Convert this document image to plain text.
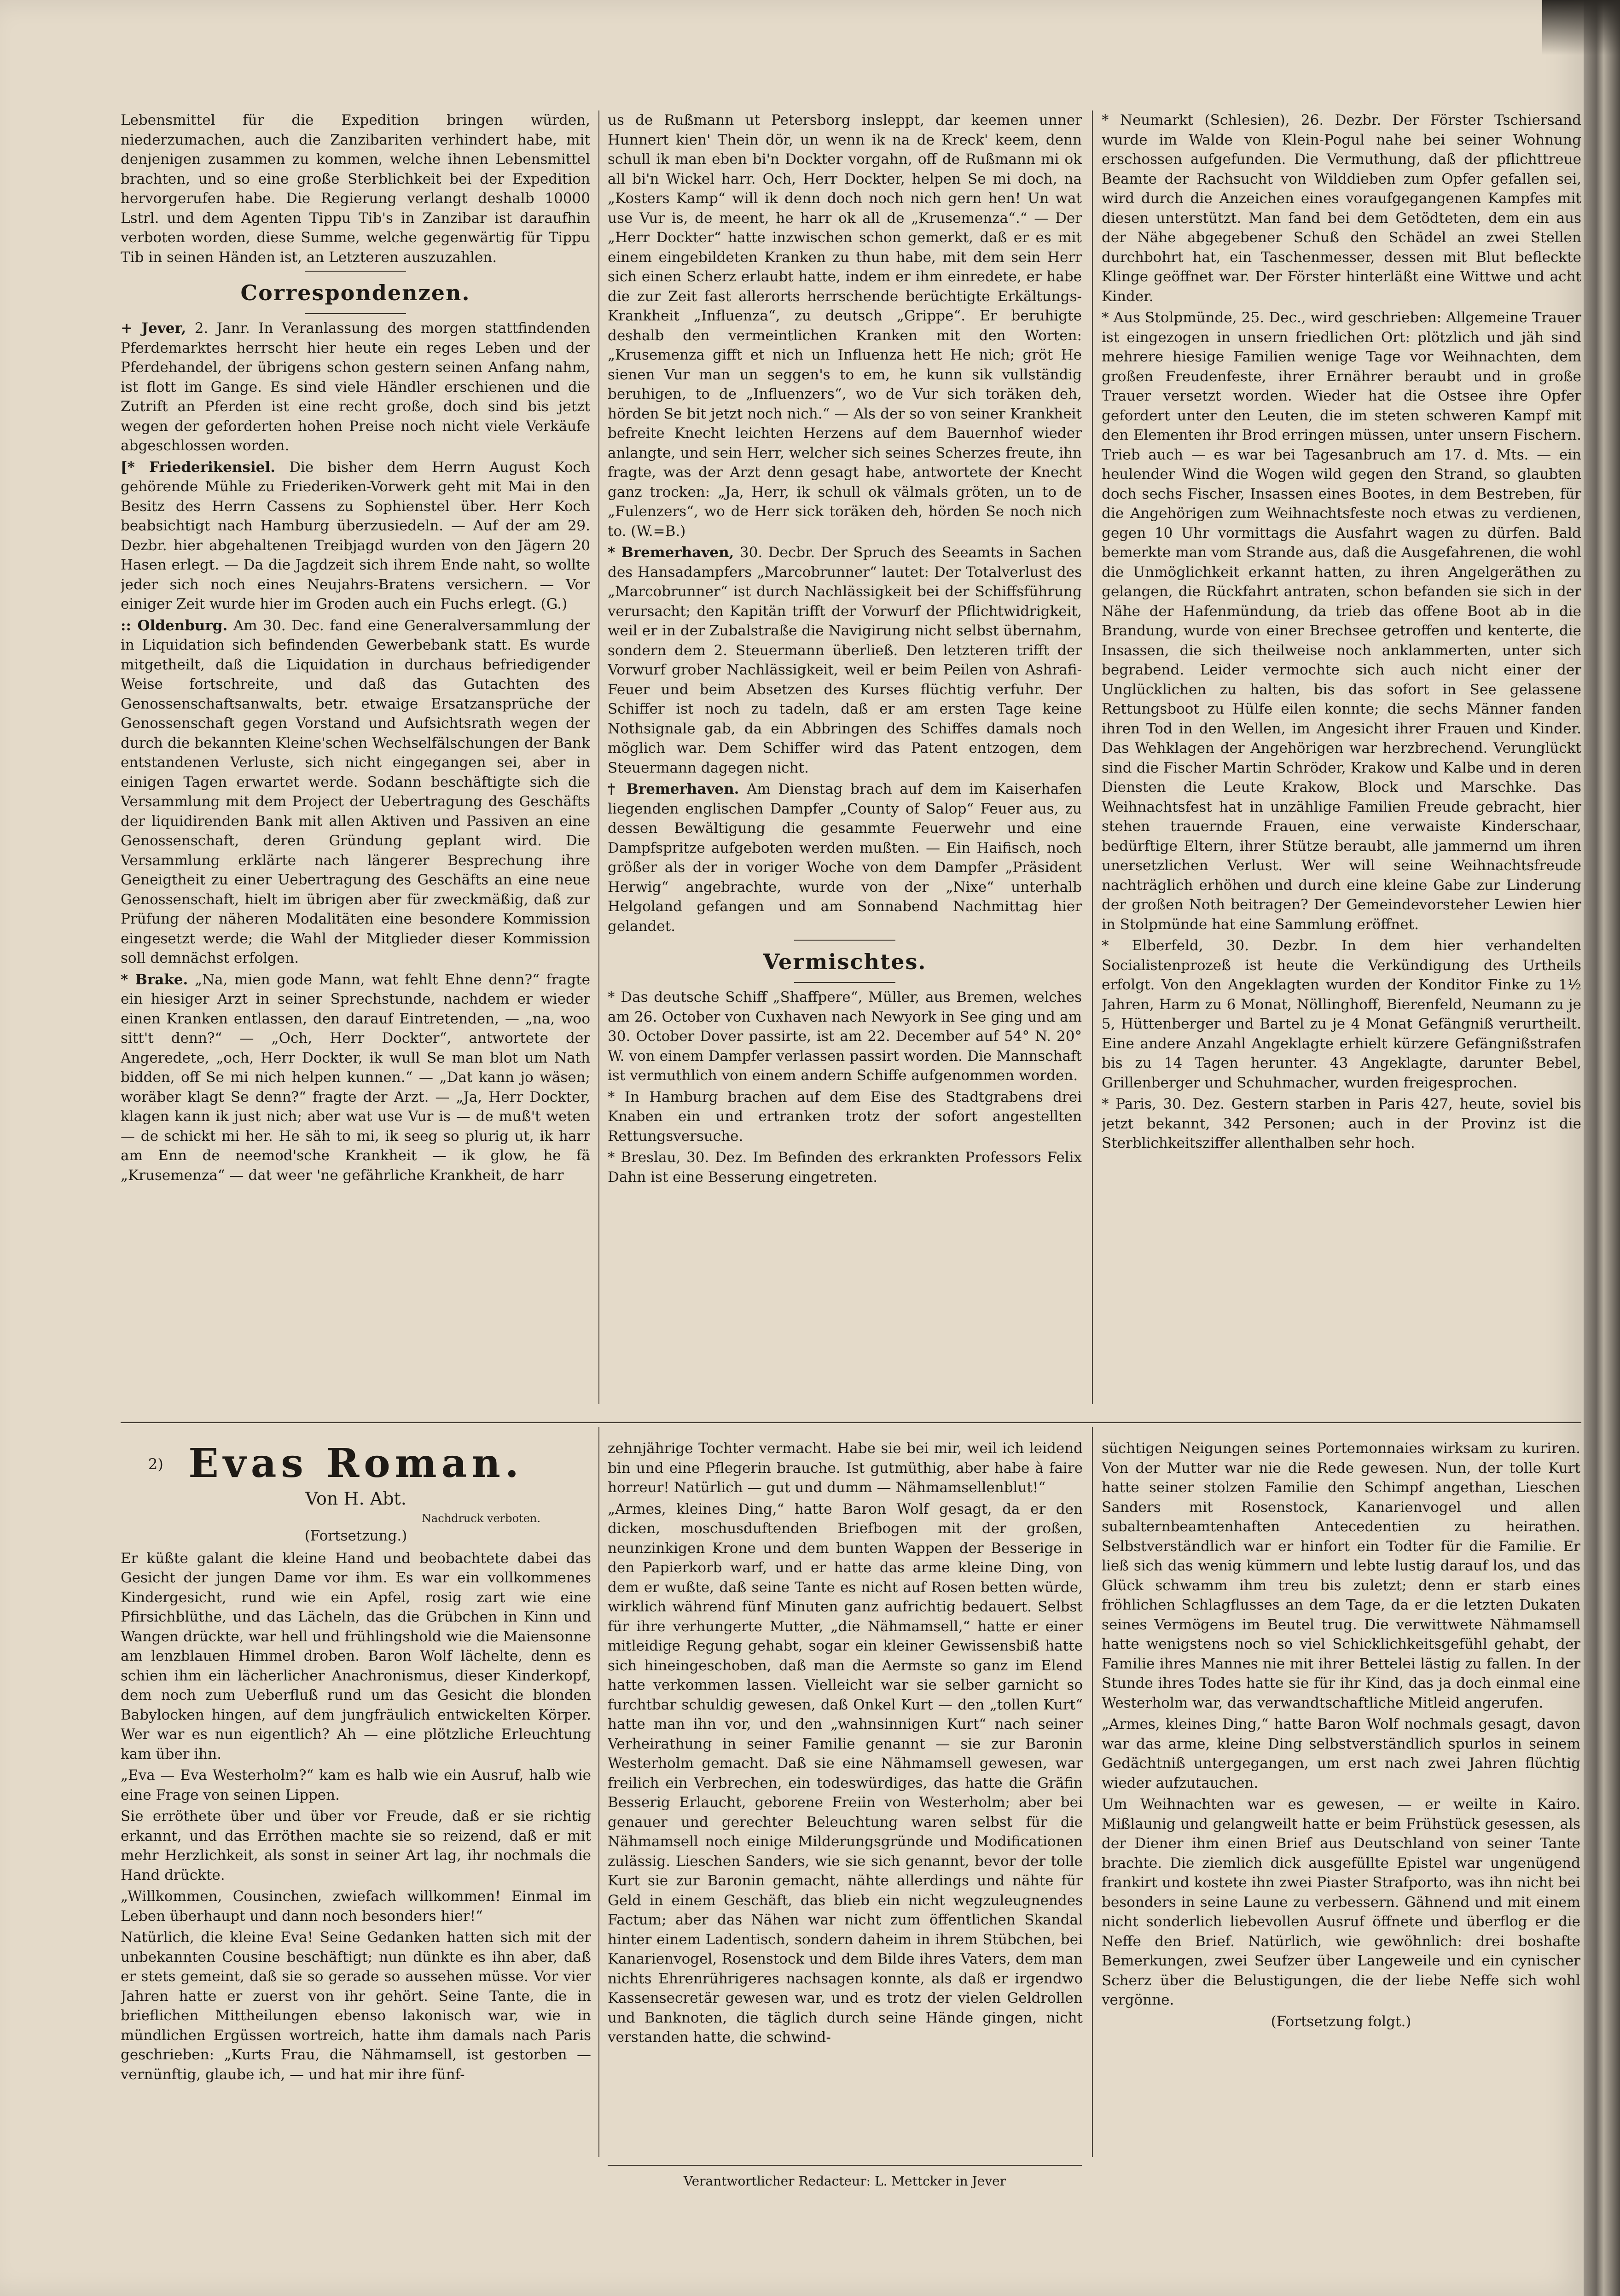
Lebensmittel für die Expedition bringen würden, niederzumachen, auch die Zanzibariten verhindert habe, mit denjenigen zusammen zu kommen, welche ihnen Lebensmittel brachten, und so eine große Sterblichkeit bei der Expedition hervorgerufen habe. Die Regierung verlangt deshalb 10000 Lstrl. und dem Agenten Tippu Tib's in Zanzibar ist daraufhin verboten worden, diese Summe, welche gegenwärtig für Tippu Tib in seinen Händen ist, an Letzteren auszuzahlen.

Correspondenzen.

+ Jever, 2. Janr. In Veranlassung des morgen stattfindenden Pferdemarktes herrscht hier heute ein reges Leben und der Pferdehandel, der übrigens schon gestern seinen Anfang nahm, ist flott im Gange. Es sind viele Händler erschienen und die Zutrift an Pferden ist eine recht große, doch sind bis jetzt wegen der geforderten hohen Preise noch nicht viele Verkäufe abgeschlossen worden.

[* Friederikensiel. Die bisher dem Herrn August Koch gehörende Mühle zu Friederiken-Vorwerk geht mit Mai in den Besitz des Herrn Cassens zu Sophienstel über. Herr Koch beabsichtigt nach Hamburg überzusiedeln. — Auf der am 29. Dezbr. hier abgehaltenen Treibjagd wurden von den Jägern 20 Hasen erlegt. — Da die Jagdzeit sich ihrem Ende naht, so wollte jeder sich noch eines Neujahrs-Bratens versichern. — Vor einiger Zeit wurde hier im Groden auch ein Fuchs erlegt. (G.)

:: Oldenburg. Am 30. Dec. fand eine Generalversammlung der in Liquidation sich befindenden Gewerbebank statt. Es wurde mitgetheilt, daß die Liquidation in durchaus befriedigender Weise fortschreite, und daß das Gutachten des Genossenschaftsanwalts, betr. etwaige Ersatzansprüche der Genossenschaft gegen Vorstand und Aufsichtsrath wegen der durch die bekannten Kleine'schen Wechselfälschungen der Bank entstandenen Verluste, sich nicht eingegangen sei, aber in einigen Tagen erwartet werde. Sodann beschäftigte sich die Versammlung mit dem Project der Uebertragung des Geschäfts der liquidirenden Bank mit allen Aktiven und Passiven an eine Genossenschaft, deren Gründung geplant wird. Die Versammlung erklärte nach längerer Besprechung ihre Geneigtheit zu einer Uebertragung des Geschäfts an eine neue Genossenschaft, hielt im übrigen aber für zweckmäßig, daß zur Prüfung der näheren Modalitäten eine besondere Kommission eingesetzt werde; die Wahl der Mitglieder dieser Kommission soll demnächst erfolgen.

* Brake. „Na, mien gode Mann, wat fehlt Ehne denn?“ fragte ein hiesiger Arzt in seiner Sprechstunde, nachdem er wieder einen Kranken entlassen, den darauf Eintretenden, — „na, woo sitt't denn?“ — „Och, Herr Dockter“, antwortete der Angeredete, „och, Herr Dockter, ik wull Se man blot um Nath bidden, off Se mi nich helpen kunnen.“ — „Dat kann jo wäsen; woräber klagt Se denn?“ fragte der Arzt. — „Ja, Herr Dockter, klagen kann ik just nich; aber wat use Vur is — de muß't weten — de schickt mi her. He säh to mi, ik seeg so plurig ut, ik harr am Enn de neemod'sche Krankheit — ik glow, he fä „Krusemenza“ — dat weer 'ne gefährliche Krankheit, de harr

us de Rußmann ut Petersborg insleppt, dar keemen unner Hunnert kien' Thein dör, un wenn ik na de Kreck' keem, denn schull ik man eben bi'n Dockter vorgahn, off de Rußmann mi ok all bi'n Wickel harr. Och, Herr Dockter, helpen Se mi doch, na „Kosters Kamp“ will ik denn doch noch nich gern hen! Un wat use Vur is, de meent, he harr ok all de „Krusemenza“.“ — Der „Herr Dockter“ hatte inzwischen schon gemerkt, daß er es mit einem eingebildeten Kranken zu thun habe, mit dem sein Herr sich einen Scherz erlaubt hatte, indem er ihm einredete, er habe die zur Zeit fast allerorts herrschende berüchtigte Erkältungs-Krankheit „Influenza“, zu deutsch „Grippe“. Er beruhigte deshalb den vermeintlichen Kranken mit den Worten: „Krusemenza gifft et nich un Influenza hett He nich; gröt He sienen Vur man un seggen's to em, he kunn sik vullständig beruhigen, to de „Influenzers“, wo de Vur sich toräken deh, hörden Se bit jetzt noch nich.“ — Als der so von seiner Krankheit befreite Knecht leichten Herzens auf dem Bauernhof wieder anlangte, und sein Herr, welcher sich seines Scherzes freute, ihn fragte, was der Arzt denn gesagt habe, antwortete der Knecht ganz trocken: „Ja, Herr, ik schull ok välmals gröten, un to de „Fulenzers“, wo de Herr sick toräken deh, hörden Se noch nich to. (W.=B.)

* Bremerhaven, 30. Decbr. Der Spruch des Seeamts in Sachen des Hansadampfers „Marcobrunner“ lautet: Der Totalverlust des „Marcobrunner“ ist durch Nachlässigkeit bei der Schiffsführung verursacht; den Kapitän trifft der Vorwurf der Pflichtwidrigkeit, weil er in der Zubalstraße die Navigirung nicht selbst übernahm, sondern dem 2. Steuermann überließ. Den letzteren trifft der Vorwurf grober Nachlässigkeit, weil er beim Peilen von Ashrafi-Feuer und beim Absetzen des Kurses flüchtig verfuhr. Der Schiffer ist noch zu tadeln, daß er am ersten Tage keine Nothsignale gab, da ein Abbringen des Schiffes damals noch möglich war. Dem Schiffer wird das Patent entzogen, dem Steuermann dagegen nicht.

† Bremerhaven. Am Dienstag brach auf dem im Kaiserhafen liegenden englischen Dampfer „County of Salop“ Feuer aus, zu dessen Bewältigung die gesammte Feuerwehr und eine Dampfspritze aufgeboten werden mußten. — Ein Haifisch, noch größer als der in voriger Woche von dem Dampfer „Präsident Herwig“ angebrachte, wurde von der „Nixe“ unterhalb Helgoland gefangen und am Sonnabend Nachmittag hier gelandet.

Vermischtes.

* Das deutsche Schiff „Shaffpere“, Müller, aus Bremen, welches am 26. October von Cuxhaven nach Newyork in See ging und am 30. October Dover passirte, ist am 22. December auf 54° N. 20° W. von einem Dampfer verlassen passirt worden. Die Mannschaft ist vermuthlich von einem andern Schiffe aufgenommen worden.

* In Hamburg brachen auf dem Eise des Stadtgrabens drei Knaben ein und ertranken trotz der sofort angestellten Rettungsversuche.

* Breslau, 30. Dez. Im Befinden des erkrankten Professors Felix Dahn ist eine Besserung eingetreten.

* Neumarkt (Schlesien), 26. Dezbr. Der Förster Tschiersand wurde im Walde von Klein-Pogul nahe bei seiner Wohnung erschossen aufgefunden. Die Vermuthung, daß der pflichttreue Beamte der Rachsucht von Wilddieben zum Opfer gefallen sei, wird durch die Anzeichen eines voraufgegangenen Kampfes mit diesen unterstützt. Man fand bei dem Getödteten, dem ein aus der Nähe abgegebener Schuß den Schädel an zwei Stellen durchbohrt hat, ein Taschenmesser, dessen mit Blut befleckte Klinge geöffnet war. Der Förster hinterläßt eine Wittwe und acht Kinder.

* Aus Stolpmünde, 25. Dec., wird geschrieben: Allgemeine Trauer ist eingezogen in unsern friedlichen Ort: plötzlich und jäh sind mehrere hiesige Familien wenige Tage vor Weihnachten, dem großen Freudenfeste, ihrer Ernährer beraubt und in große Trauer versetzt worden. Wieder hat die Ostsee ihre Opfer gefordert unter den Leuten, die im steten schweren Kampf mit den Elementen ihr Brod erringen müssen, unter unsern Fischern. Trieb auch — es war bei Tagesanbruch am 17. d. Mts. — ein heulender Wind die Wogen wild gegen den Strand, so glaubten doch sechs Fischer, Insassen eines Bootes, in dem Bestreben, für die Angehörigen zum Weihnachtsfeste noch etwas zu verdienen, gegen 10 Uhr vormittags die Ausfahrt wagen zu dürfen. Bald bemerkte man vom Strande aus, daß die Ausgefahrenen, die wohl die Unmöglichkeit erkannt hatten, zu ihren Angelgeräthen zu gelangen, die Rückfahrt antraten, schon befanden sie sich in der Nähe der Hafenmündung, da trieb das offene Boot ab in die Brandung, wurde von einer Brechsee getroffen und kenterte, die Insassen, die sich theilweise noch anklammerten, unter sich begrabend. Leider vermochte sich auch nicht einer der Unglücklichen zu halten, bis das sofort in See gelassene Rettungsboot zu Hülfe eilen konnte; die sechs Männer fanden ihren Tod in den Wellen, im Angesicht ihrer Frauen und Kinder. Das Wehklagen der Angehörigen war herzbrechend. Verunglückt sind die Fischer Martin Schröder, Krakow und Kalbe und in deren Diensten die Leute Krakow, Block und Marschke. Das Weihnachtsfest hat in unzählige Familien Freude gebracht, hier stehen trauernde Frauen, eine verwaiste Kinderschaar, bedürftige Eltern, ihrer Stütze beraubt, alle jammernd um ihren unersetzlichen Verlust. Wer will seine Weihnachtsfreude nachträglich erhöhen und durch eine kleine Gabe zur Linderung der großen Noth beitragen? Der Gemeindevorsteher Lewien hier in Stolpmünde hat eine Sammlung eröffnet.

* Elberfeld, 30. Dezbr. In dem hier verhandelten Socialistenprozeß ist heute die Verkündigung des Urtheils erfolgt. Von den Angeklagten wurden der Konditor Finke zu 1½ Jahren, Harm zu 6 Monat, Nöllinghoff, Bierenfeld, Neumann zu je 5, Hüttenberger und Bartel zu je 4 Monat Gefängniß verurtheilt. Eine andere Anzahl Angeklagte erhielt kürzere Gefängnißstrafen bis zu 14 Tagen herunter. 43 Angeklagte, darunter Bebel, Grillenberger und Schuhmacher, wurden freigesprochen.

* Paris, 30. Dez. Gestern starben in Paris 427, heute, soviel bis jetzt bekannt, 342 Personen; auch in der Provinz ist die Sterblichkeitsziffer allenthalben sehr hoch.

2) Evas Roman.
Von H. Abt.
Nachdruck verboten.
(Fortsetzung.)

Er küßte galant die kleine Hand und beobachtete dabei das Gesicht der jungen Dame vor ihm. Es war ein vollkommenes Kindergesicht, rund wie ein Apfel, rosig zart wie eine Pfirsichblüthe, und das Lächeln, das die Grübchen in Kinn und Wangen drückte, war hell und frühlingshold wie die Maiensonne am lenzblauen Himmel droben. Baron Wolf lächelte, denn es schien ihm ein lächerlicher Anachronismus, dieser Kinderkopf, dem noch zum Ueberfluß rund um das Gesicht die blonden Babylocken hingen, auf dem jungfräulich entwickelten Körper. Wer war es nun eigentlich? Ah — eine plötzliche Erleuchtung kam über ihn.

„Eva — Eva Westerholm?“ kam es halb wie ein Ausruf, halb wie eine Frage von seinen Lippen.

Sie erröthete über und über vor Freude, daß er sie richtig erkannt, und das Erröthen machte sie so reizend, daß er mit mehr Herzlichkeit, als sonst in seiner Art lag, ihr nochmals die Hand drückte.

„Willkommen, Cousinchen, zwiefach willkommen! Einmal im Leben überhaupt und dann noch besonders hier!“

Natürlich, die kleine Eva! Seine Gedanken hatten sich mit der unbekannten Cousine beschäftigt; nun dünkte es ihn aber, daß er stets gemeint, daß sie so gerade so aussehen müsse. Vor vier Jahren hatte er zuerst von ihr gehört. Seine Tante, die in brieflichen Mittheilungen ebenso lakonisch war, wie in mündlichen Ergüssen wortreich, hatte ihm damals nach Paris geschrieben: „Kurts Frau, die Nähmamsell, ist gestorben — vernünftig, glaube ich, — und hat mir ihre fünf-

zehnjährige Tochter vermacht. Habe sie bei mir, weil ich leidend bin und eine Pflegerin brauche. Ist gutmüthig, aber habe à faire horreur! Natürlich — gut und dumm — Nähmamsellenblut!“

„Armes, kleines Ding,“ hatte Baron Wolf gesagt, da er den dicken, moschusduftenden Briefbogen mit der großen, neunzinkigen Krone und dem bunten Wappen der Besserige in den Papierkorb warf, und er hatte das arme kleine Ding, von dem er wußte, daß seine Tante es nicht auf Rosen betten würde, wirklich während fünf Minuten ganz aufrichtig bedauert. Selbst für ihre verhungerte Mutter, „die Nähmamsell,“ hatte er einer mitleidige Regung gehabt, sogar ein kleiner Gewissensbiß hatte sich hineingeschoben, daß man die Aermste so ganz im Elend hatte verkommen lassen. Vielleicht war sie selber garnicht so furchtbar schuldig gewesen, daß Onkel Kurt — den „tollen Kurt“ hatte man ihn vor, und den „wahnsinnigen Kurt“ nach seiner Verheirathung in seiner Familie genannt — sie zur Baronin Westerholm gemacht. Daß sie eine Nähmamsell gewesen, war freilich ein Verbrechen, ein todeswürdiges, das hatte die Gräfin Besserig Erlaucht, geborene Freiin von Westerholm; aber bei genauer und gerechter Beleuchtung waren selbst für die Nähmamsell noch einige Milderungsgründe und Modificationen zulässig. Lieschen Sanders, wie sie sich genannt, bevor der tolle Kurt sie zur Baronin gemacht, nähte allerdings und nähte für Geld in einem Geschäft, das blieb ein nicht wegzuleugnendes Factum; aber das Nähen war nicht zum öffentlichen Skandal hinter einem Ladentisch, sondern daheim in ihrem Stübchen, bei Kanarienvogel, Rosenstock und dem Bilde ihres Vaters, dem man nichts Ehrenrührigeres nachsagen konnte, als daß er irgendwo Kassensecretär gewesen war, und es trotz der vielen Geldrollen und Banknoten, die täglich durch seine Hände gingen, nicht verstanden hatte, die schwind-

süchtigen Neigungen seines Portemonnaies wirksam zu kuriren. Von der Mutter war nie die Rede gewesen. Nun, der tolle Kurt hatte seiner stolzen Familie den Schimpf angethan, Lieschen Sanders mit Rosenstock, Kanarienvogel und allen subalternbeamtenhaften Antecedentien zu heirathen. Selbstverständlich war er hinfort ein Todter für die Familie. Er ließ sich das wenig kümmern und lebte lustig darauf los, und das Glück schwamm ihm treu bis zuletzt; denn er starb eines fröhlichen Schlagflusses an dem Tage, da er die letzten Dukaten seines Vermögens im Beutel trug. Die verwittwete Nähmamsell hatte wenigstens noch so viel Schicklichkeitsgefühl gehabt, der Familie ihres Mannes nie mit ihrer Bettelei lästig zu fallen. In der Stunde ihres Todes hatte sie für ihr Kind, das ja doch einmal eine Westerholm war, das verwandtschaftliche Mitleid angerufen.

„Armes, kleines Ding,“ hatte Baron Wolf nochmals gesagt, davon war das arme, kleine Ding selbstverständlich spurlos in seinem Gedächtniß untergegangen, um erst nach zwei Jahren flüchtig wieder aufzutauchen.

Um Weihnachten war es gewesen, — er weilte in Kairo. Mißlaunig und gelangweilt hatte er beim Frühstück gesessen, als der Diener ihm einen Brief aus Deutschland von seiner Tante brachte. Die ziemlich dick ausgefüllte Epistel war ungenügend frankirt und kostete ihn zwei Piaster Strafporto, was ihn nicht bei besonders in seine Laune zu verbessern. Gähnend und mit einem nicht sonderlich liebevollen Ausruf öffnete und überflog er die Neffe den Brief. Natürlich, wie gewöhnlich: drei boshafte Bemerkungen, zwei Seufzer über Langeweile und ein cynischer Scherz über die Belustigungen, die der liebe Neffe sich wohl vergönne.

(Fortsetzung folgt.)

Verantwortlicher Redacteur: L. Mettcker in Jever
